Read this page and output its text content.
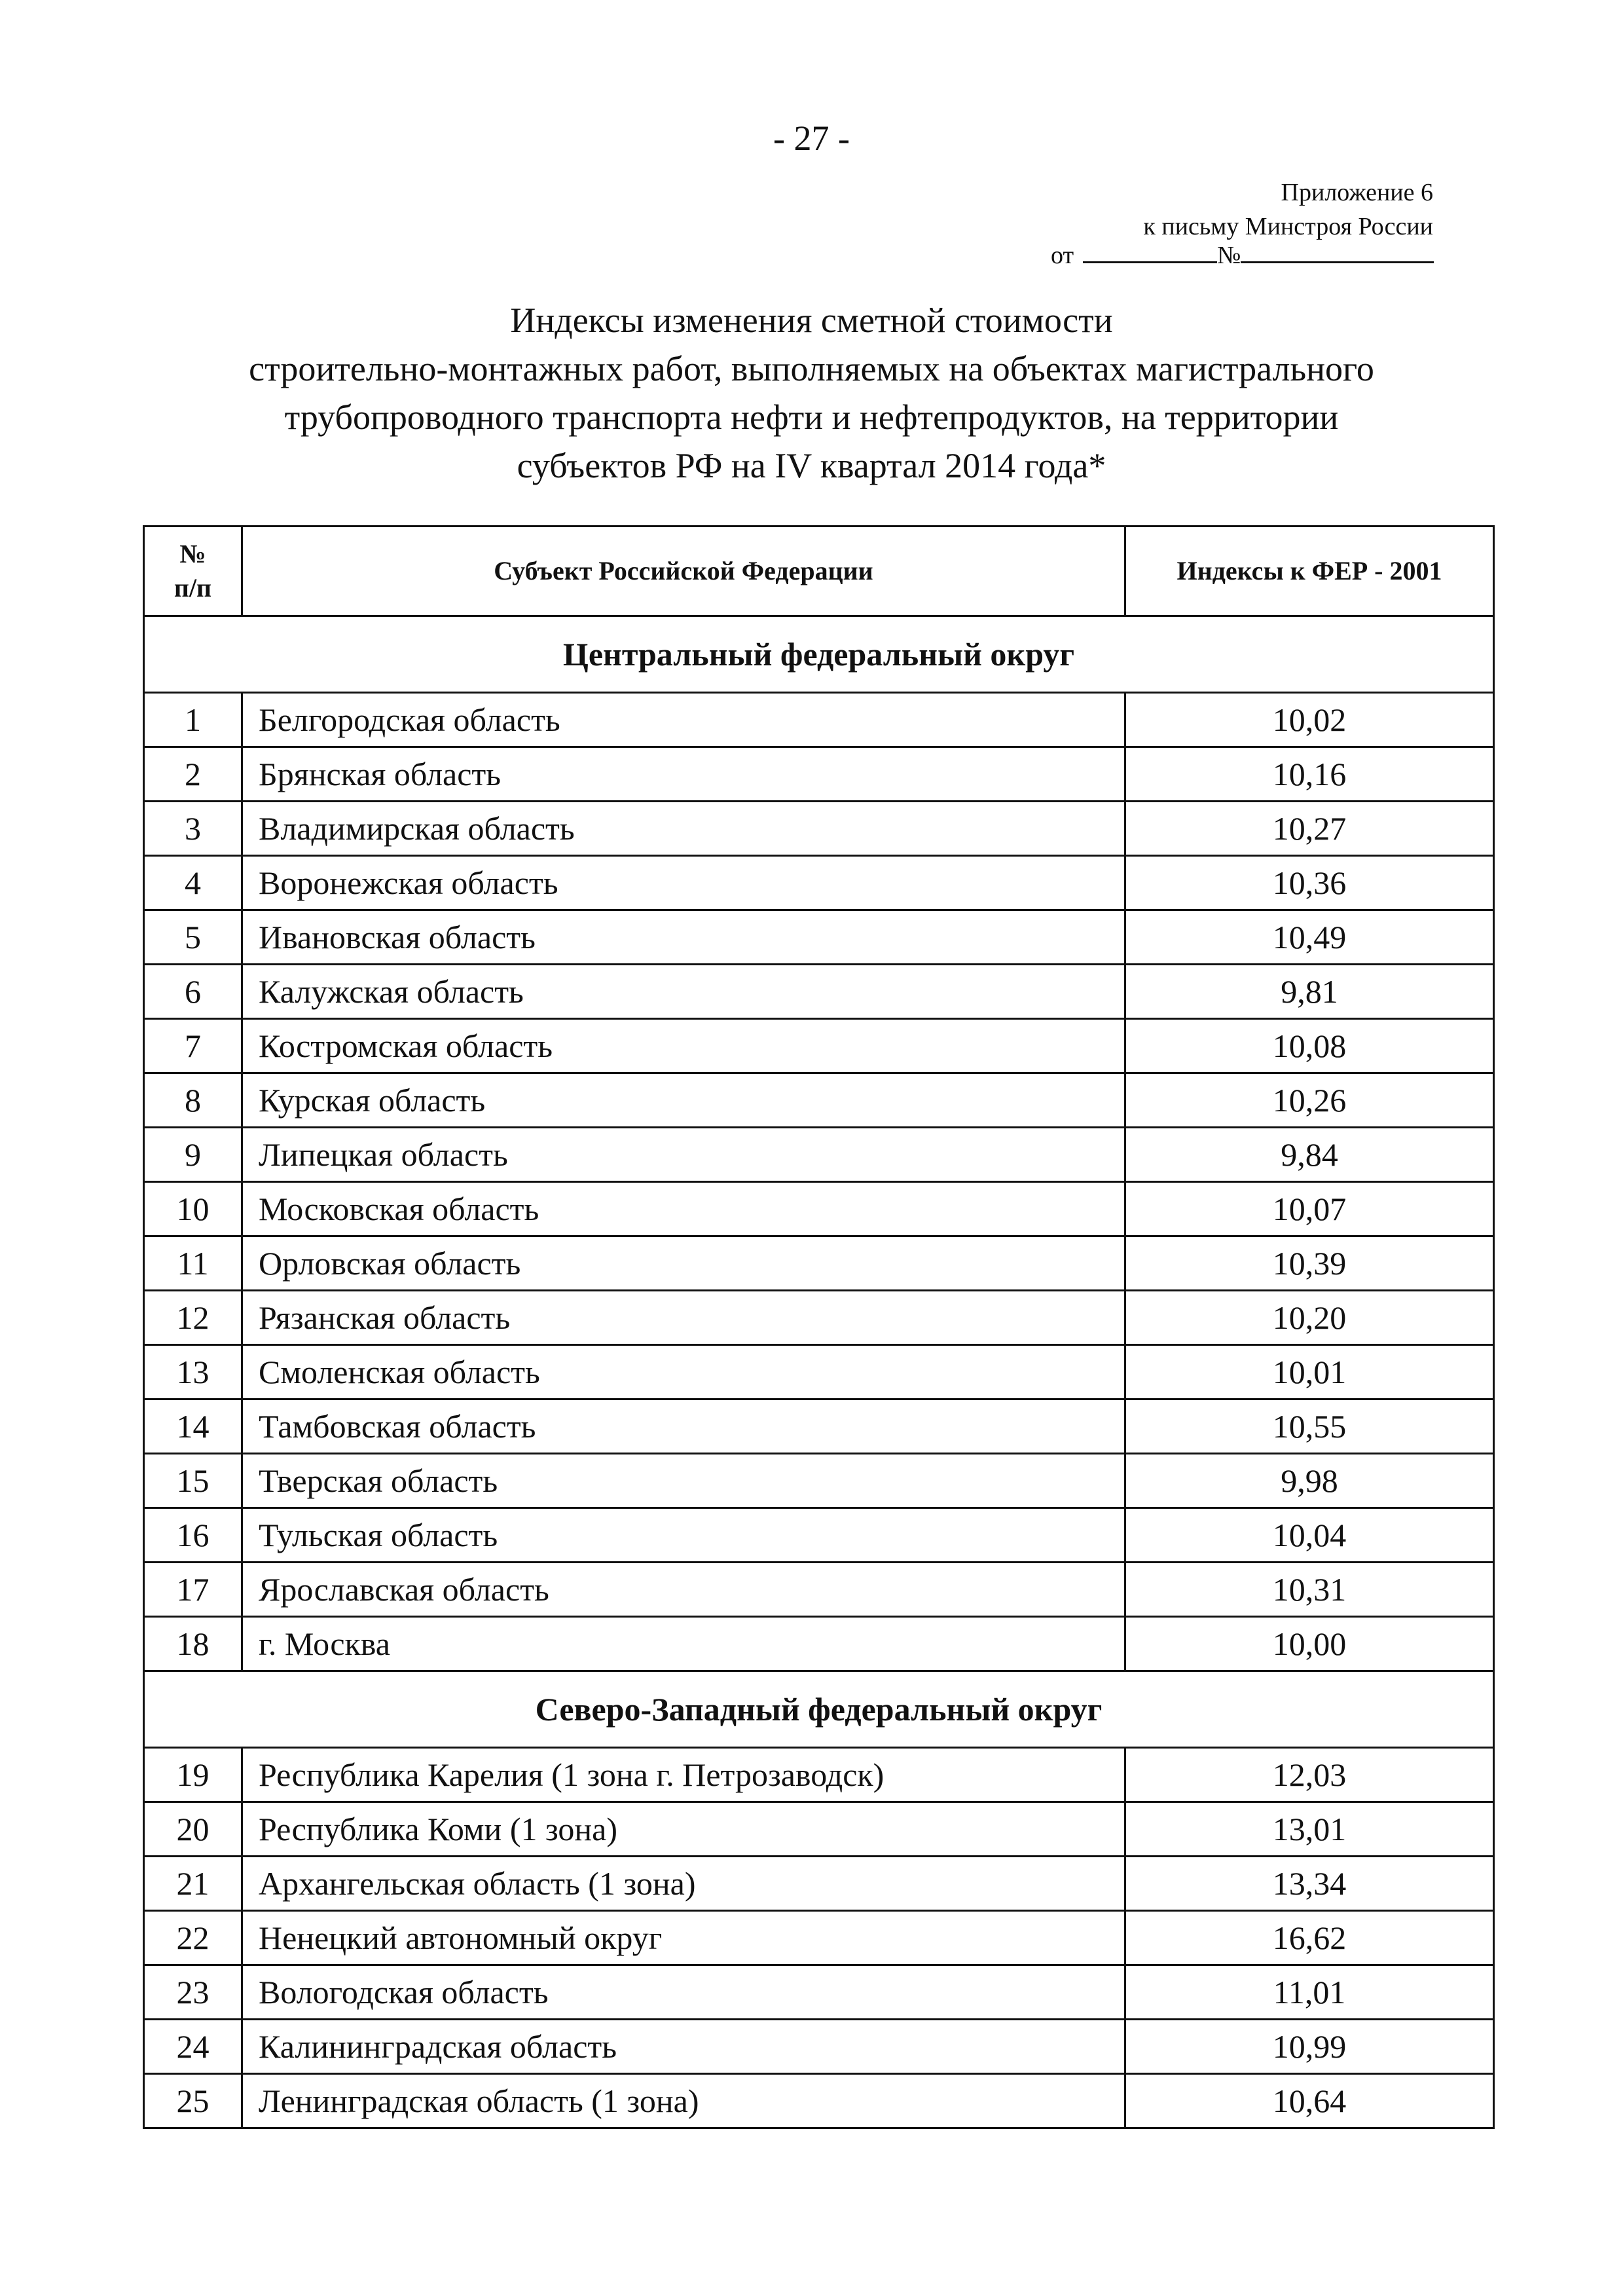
- 27 -
Приложение 6
к письму Минстроя России
от	№
Индексы изменения сметной стоимости
строительно-монтажных работ, выполняемых на объектах магистрального
трубопроводного транспорта нефти и нефтепродуктов, на территории
субъектов РФ на IV квартал 2014 года*
№
п/п	Субъект Российской Федерации	Индексы к ФЕР - 2001
Центральный федеральный округ		
1	Белгородская область	10,02
2	Брянская область	10,16
3	Владимирская область	10,27
4	Воронежская область	10,36
5	Ивановская область	10,49
6	Калужская область	9,81
7	Костромская область	10,08
8	Курская область	10,26
9	Липецкая область	9,84
10	Московская область	10,07
11	Орловская область	10,39
12	Рязанская область	10,20
13	Смоленская область	10,01
14	Тамбовская область	10,55
15	Тверская область	9,98
16	Тульская область	10,04
17	Ярославская область	10,31
18	г. Москва	10,00
Северо-Западный федеральный округ		
19	Республика Карелия (1 зона г. Петрозаводск)	12,03
20	Республика Коми (1 зона)	13,01
21	Архангельская область (1 зона)	13,34
22	Ненецкий автономный округ	16,62
23	Вологодская область	11,01
24	Калининградская область	10,99
25	Ленинградская область (1 зона)	10,64
